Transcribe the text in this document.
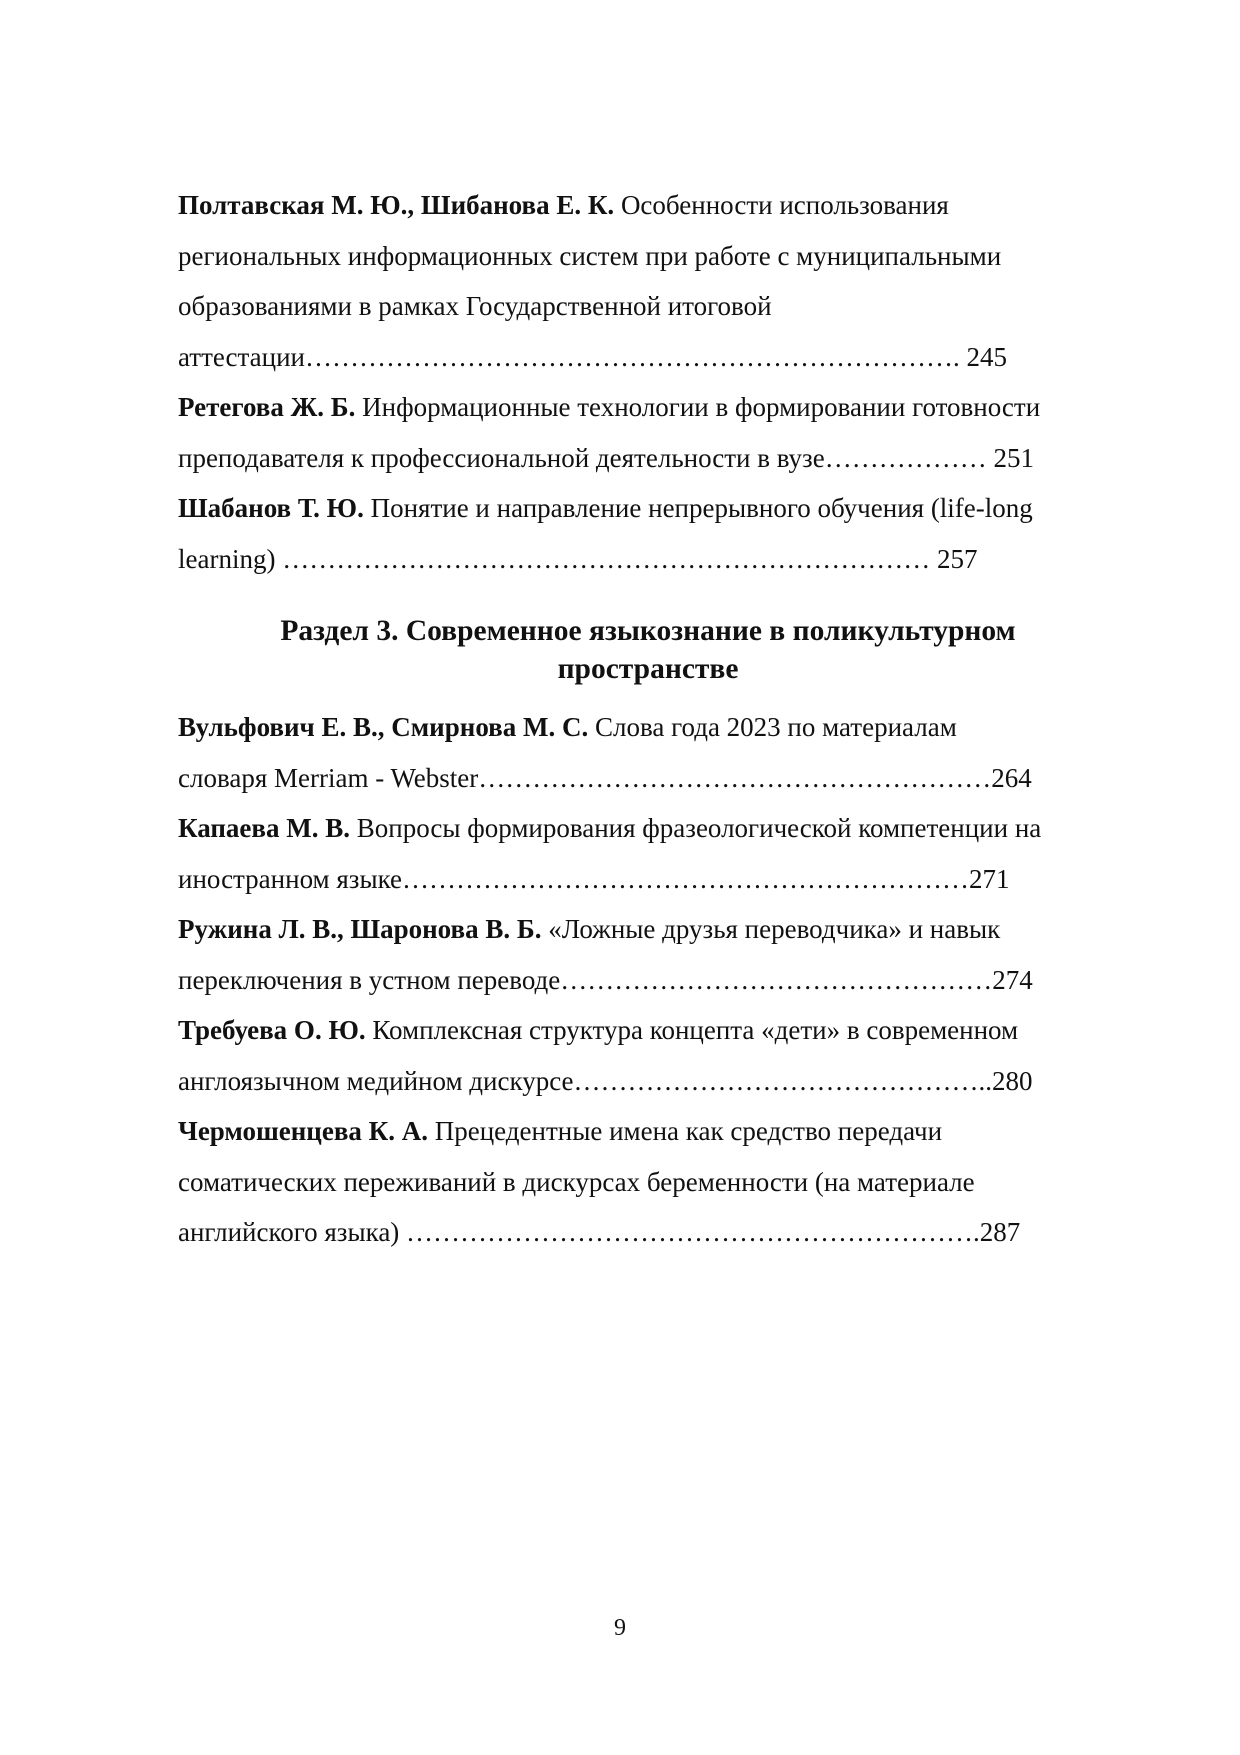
Полтавская М. Ю., Шибанова Е. К. Особенности использования
региональных информационных систем при работе с муниципальными
образованиями в рамках Государственной итоговой
аттестации………………………………………………………………. 245
Ретегова Ж. Б. Информационные технологии в формировании готовности
преподавателя к профессиональной деятельности в вузе……………… 251
Шабанов Т. Ю. Понятие и направление непрерывного обучения (life-long
learning) ……………………………………………………………… 257
Раздел 3. Современное языкознание в поликультурном
пространстве
Вульфович Е. В., Смирнова М. С. Слова года 2023 по материалам
словаря Merriam - Webster…………………………………………………264
Капаева М. В. Вопросы формирования фразеологической компетенции на
иностранном языке………………………………………………………271
Ружина Л. В., Шаронова В. Б. «Ложные друзья переводчика» и навык
переключения в устном переводе…………………………………………274
Требуева О. Ю. Комплексная структура концепта «дети» в современном
англоязычном медийном дискурсе………………………………………..280
Чермошенцева К. А. Прецедентные имена как средство передачи
соматических переживаний в дискурсах беременности (на материале
английского языка) ……………………………………………………….287
9
